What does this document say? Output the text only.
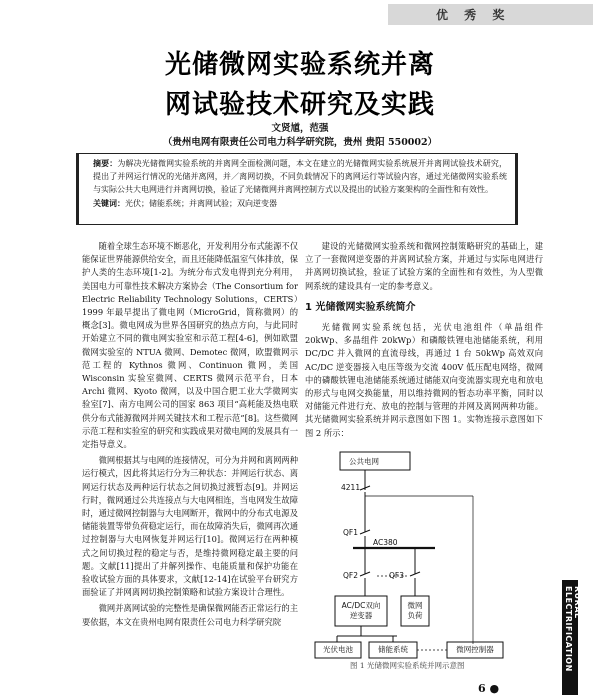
优 秀 奖
光储微网实验系统并离
网试验技术研究及实践
文贤馗，范强
（贵州电网有限责任公司电力科学研究院，贵州 贵阳 550002）

摘要：为解决光储微网实验系统的并离网全面检测问题，本文在建立的光储微网实验系统展开并离网试验技术研究，提出了并网运行情况的光储并离网，并／离网切换，不同负载情况下的离网运行等试验内容，通过光储微网实验系统与实际公共大电网进行并离网切换，验证了光储微网并离网控制方式以及提出的试验方案架构的全面性和有效性。

关键词：光伏；储能系统；并离网试验；双向逆变器

随着全球生态环境不断恶化，开发利用分布式能源不仅能保证世界能源供给安全，而且还能降低温室气体排放，保护人类的生态环境[1-2]。为统分布式发电得到充分利用，美国电力可靠性技术解决方案协会（The Consortium for Electric Reliability Technology Solutions，CERTS）1999 年最早提出了微电网（MicroGrid，简称微网）的概念[3]。微电网成为世界各国研究的热点方向，与此同时开始建立不同的微电网实验室和示范工程[4-6]，例如欧盟微网实验室的 NTUA 微网、Demotec 微网，欧盟微网示范工程的 Kythnos 微网、Continuon 微网，美国 Wisconsin 实验室微网、CERTS 微网示范平台，日本 Archi 微网、Kyoto 微网，以及中国合肥工业大学微网实验室[7]、南方电网公司的国家 863 项目“高耗能及热电联供分布式能源微网并网关键技术和工程示范”[8]。这些微网示范工程和实验室的研究和实践成果对微电网的发展具有一定指导意义。

微网根据其与电网的连接情况，可分为并网和离网两种运行模式，因此将其运行分为三种状态：并网运行状态、离网运行状态及两种运行状态之间切换过渡暂态[9]。并网运行时，微网通过公共连接点与大电网相连，当电网发生故障时，通过微网控制器与大电网断开，微网中的分布式电源及储能装置等带负荷稳定运行，而在故障消失后，微网再次通过控制器与大电网恢复并网运行[10]。微网运行在两种模式之间切换过程的稳定与否，是维持微网稳定最主要的问题。文献[11]提出了并解列操作、电能质量和保护功能在验收试验方面的具体要求，文献[12-14]在试验平台研究方面验证了并网离网切换控制策略和试验方案设计合理性。

微网并离网试验的完整性是确保微网能否正常运行的主要依据，本文在贵州电网有限责任公司电力科学研究院

建设的光储微网实验系统和微网控制策略研究的基础上，建立了一套微网逆变器的并离网试验方案，并通过与实际电网进行并离网切换试验，验证了试验方案的全面性和有效性，为人型微网系统的建设具有一定的参考意义。

1 光储微网实验系统简介

光储微网实验系统包括，光伏电池组件（单晶组件 20kWp、多晶组件 20kWp）和磷酸铁锂电池储能系统，利用 DC/DC 并入微网的直流母线，再通过 1 台 50kWp 高效双向 AC/DC 逆变器接入电压等级为交流 400V 低压配电网络，微网中的磷酸铁锂电池储能系统通过储能双向变流器实现充电和放电的形式与电网交换能量，用以维持微网的暂态功率平衡，同时以对储能元件进行充、放电的控制与管理的并网及离网两种功能。其光储微网实验系统并网示意图如下图 1。实物连接示意图如下图 2 所示：

公共电网
4211
QF1
AC380
QF2	QF3
AC/DC双向
逆变器
微网
负荷
光伏电池	储能系统	微网控制器
图 1 光储微网实验系统并网示意图
RURAL ELECTRIFICATION
6 ●
